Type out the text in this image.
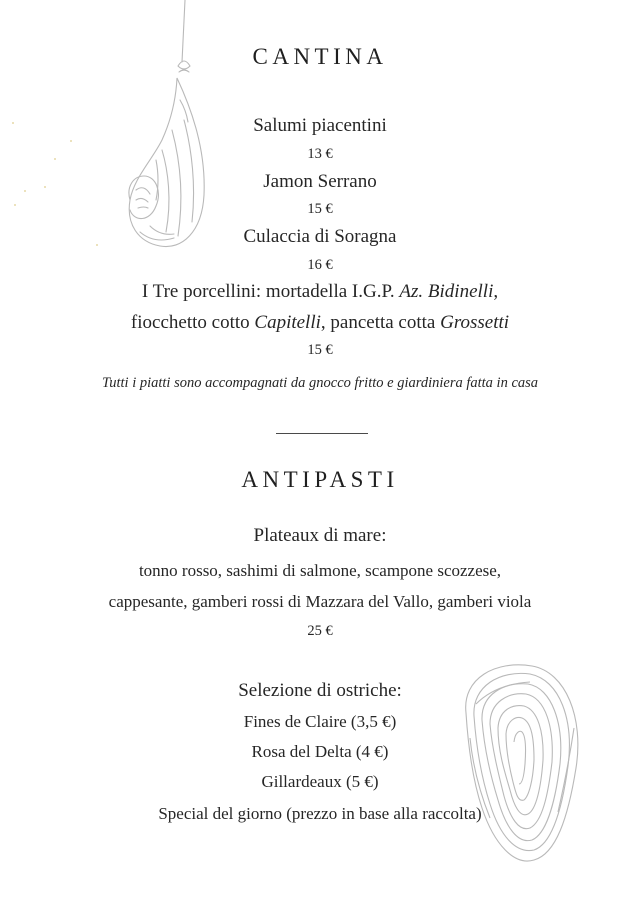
CANTINA
Salumi piacentini
13 €
Jamon Serrano
15 €
Culaccia di Soragna
16 €
I Tre porcellini: mortadella I.G.P. Az. Bidinelli,
fiocchetto cotto Capitelli, pancetta cotta Grossetti
15 €
Tutti i piatti sono accompagnati da gnocco fritto e giardiniera fatta in casa
ANTIPASTI
Plateaux di mare:
tonno rosso, sashimi di salmone, scampone scozzese,
cappesante, gamberi rossi di Mazzara del Vallo, gamberi viola
25 €
Selezione di ostriche:
Fines de Claire (3,5 €)
Rosa del Delta (4 €)
Gillardeaux (5 €)
Special del giorno (prezzo in base alla raccolta)
